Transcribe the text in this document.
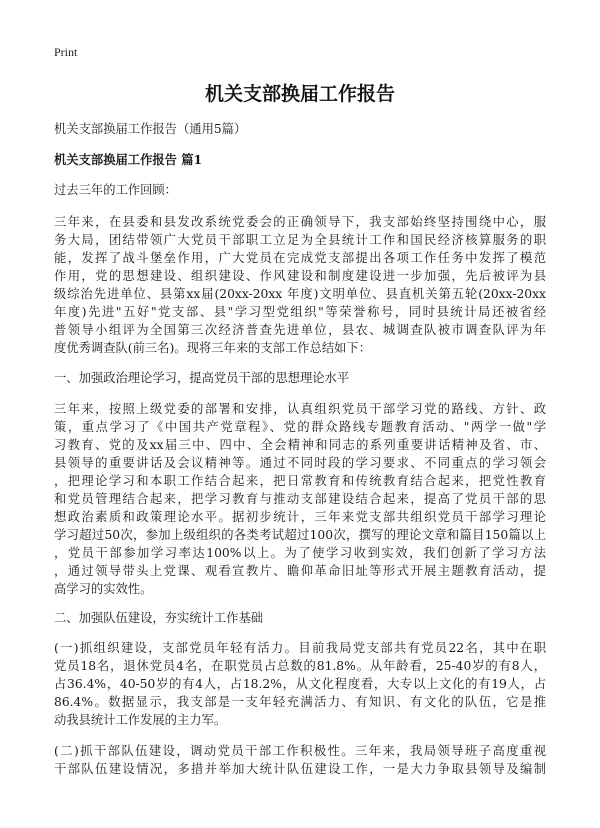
Print
机关支部换届工作报告
机关支部换届工作报告（通用5篇）
机关支部换届工作报告 篇1
过去三年的工作回顾：
三年来，在县委和县发改系统党委会的正确领导下，我支部始终坚持围绕中心，服
务大局，团结带领广大党员干部职工立足为全县统计工作和国民经济核算服务的职
能，发挥了战斗堡垒作用，广大党员在完成党支部提出各项工作任务中发挥了模范
作用，党的思想建设、组织建设、作风建设和制度建设进一步加强，先后被评为县
级综治先进单位、县第xx届(20xx-20xx 年度)文明单位、县直机关第五轮(20xx-20xx
年度)先进"五好"党支部、县"学习型党组织"等荣誉称号，同时县统计局还被省经
普领导小组评为全国第三次经济普查先进单位，县农、城调查队被市调查队评为年
度优秀调查队(前三名)。现将三年来的支部工作总结如下：
一、加强政治理论学习，提高党员干部的思想理论水平
三年来，按照上级党委的部署和安排，认真组织党员干部学习党的路线、方针、政
策，重点学习了《中国共产党章程》、党的群众路线专题教育活动、"两学一做"学
习教育、党的及xx届三中、四中、全会精神和同志的系列重要讲话精神及省、市、
县领导的重要讲话及会议精神等。通过不同时段的学习要求、不同重点的学习领会
，把理论学习和本职工作结合起来，把日常教育和传统教育结合起来，把党性教育
和党员管理结合起来，把学习教育与推动支部建设结合起来，提高了党员干部的思
想政治素质和政策理论水平。据初步统计，三年来党支部共组织党员干部学习理论
学习超过50次，参加上级组织的各类考试超过100次，撰写的理论文章和篇目150篇以上
，党员干部参加学习率达100%以上。为了使学习收到实效，我们创新了学习方法
，通过领导带头上党课、观看宣教片、瞻仰革命旧址等形式开展主题教育活动，提
高学习的实效性。
二、加强队伍建设，夯实统计工作基础
(一)抓组织建设，支部党员年轻有活力。目前我局党支部共有党员22名，其中在职
党员18名，退休党员4名，在职党员占总数的81.8%。从年龄看，25-40岁的有8人，
占36.4%，40-50岁的有4人，占18.2%，从文化程度看，大专以上文化的有19人，占
86.4%。数据显示，我支部是一支年轻充满活力、有知识、有文化的队伍，它是推
动我县统计工作发展的主力军。
(二)抓干部队伍建设，调动党员干部工作积极性。三年来，我局领导班子高度重视
干部队伍建设情况，多措并举加大统计队伍建设工作，一是大力争取县领导及编制
